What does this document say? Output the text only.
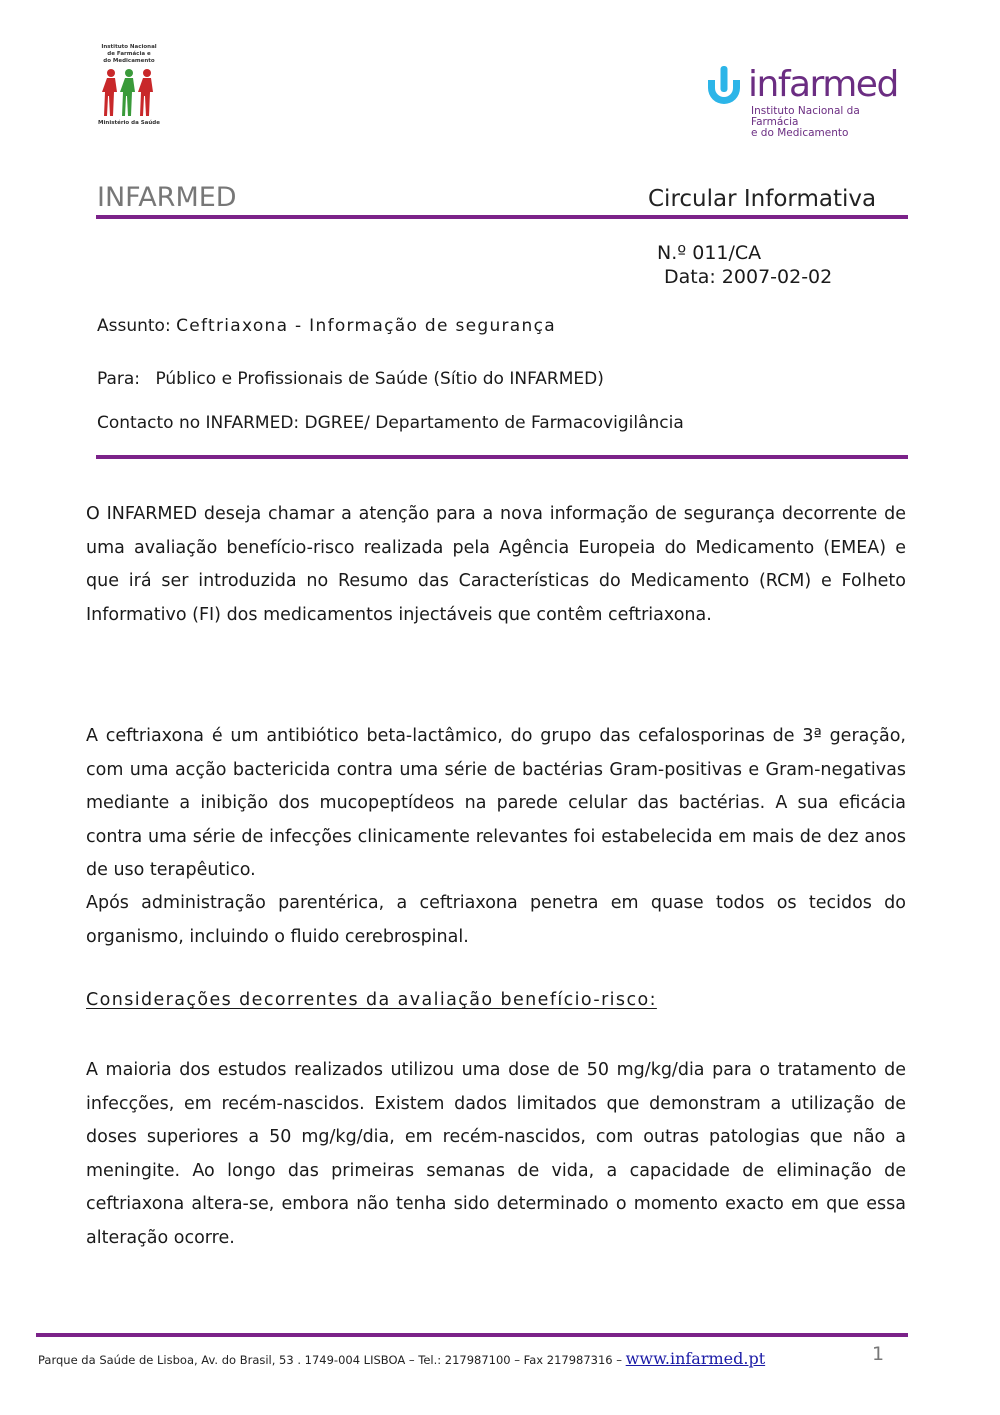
Instituto Nacional
de Farmácia e
do Medicamento
Ministério da Saúde
infarmed
Instituto Nacional da Farmácia
e do Medicamento
INFARMED	Circular Informativa
N.º 011/CA
Data: 2007-02-02
Assunto: Ceftriaxona - Informação de segurança
Para: Público e Profissionais de Saúde (Sítio do INFARMED)
Contacto no INFARMED: DGREE/ Departamento de Farmacovigilância

O INFARMED deseja chamar a atenção para a nova informação de segurança decorrente de uma avaliação benefício-risco realizada pela Agência Europeia do Medicamento (EMEA) e que irá ser introduzida no Resumo das Características do Medicamento (RCM) e Folheto Informativo (FI) dos medicamentos injectáveis que contêm ceftriaxona.

A ceftriaxona é um antibiótico beta-lactâmico, do grupo das cefalosporinas de 3ª geração, com uma acção bactericida contra uma série de bactérias Gram-positivas e Gram-negativas mediante a inibição dos mucopeptídeos na parede celular das bactérias. A sua eficácia contra uma série de infecções clinicamente relevantes foi estabelecida em mais de dez anos de uso terapêutico.

Após administração parentérica, a ceftriaxona penetra em quase todos os tecidos do organismo, incluindo o fluido cerebrospinal.

Considerações decorrentes da avaliação benefício-risco:

A maioria dos estudos realizados utilizou uma dose de 50 mg/kg/dia para o tratamento de infecções, em recém-nascidos. Existem dados limitados que demonstram a utilização de doses superiores a 50 mg/kg/dia, em recém-nascidos, com outras patologias que não a meningite. Ao longo das primeiras semanas de vida, a capacidade de eliminação de ceftriaxona altera-se, embora não tenha sido determinado o momento exacto em que essa alteração ocorre.

Parque da Saúde de Lisboa, Av. do Brasil, 53 . 1749-004 LISBOA – Tel.: 217987100 – Fax 217987316 – www.infarmed.pt	1
